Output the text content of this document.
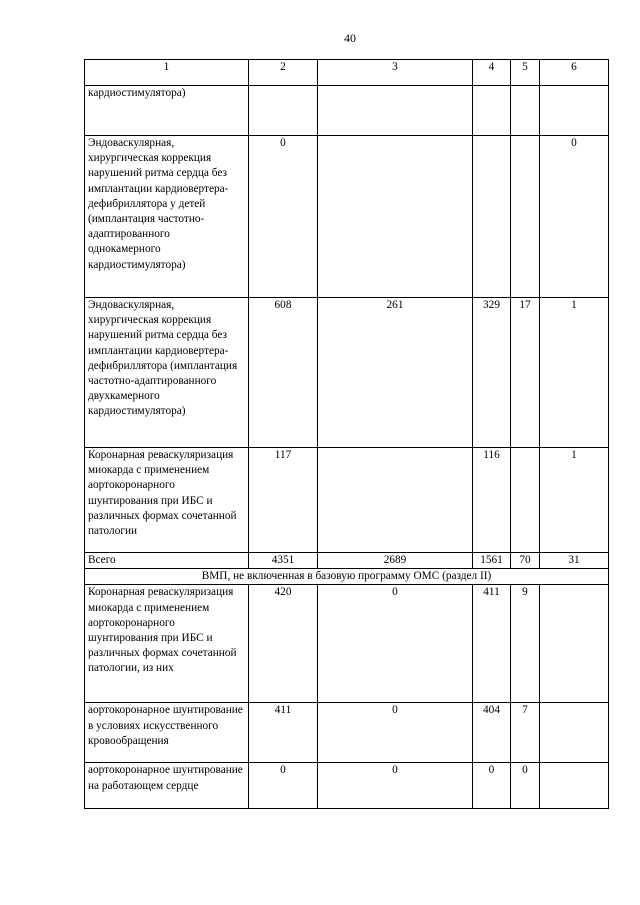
40
1	2	3	4	5	6
кардиостимулятора)					
Эндоваскулярная, хирургическая коррекция нарушений ритма сердца без имплантации кардиовертера-дефибриллятора у детей (имплантация частотно-адаптированного однокамерного кардиостимулятора)	0				0
Эндоваскулярная, хирургическая коррекция нарушений ритма сердца без имплантации кардиовертера-дефибриллятора (имплантация частотно-адаптированного двухкамерного кардиостимулятора)	608	261	329	17	1
Коронарная реваскуляризация миокарда с применением аортокоронарного шунтирования при ИБС и различных формах сочетанной патологии	117		116		1
Всего	4351	2689	1561	70	31
ВМП, не включенная в базовую программу ОМС (раздел II)					
Коронарная реваскуляризация миокарда с применением аортокоронарного шунтирования при ИБС и различных формах сочетанной патологии, из них	420	0	411	9	
аортокоронарное шунтирование в условиях искусственного кровообращения	411	0	404	7	
аортокоронарное шунтирование на работающем сердце	0	0	0	0	
